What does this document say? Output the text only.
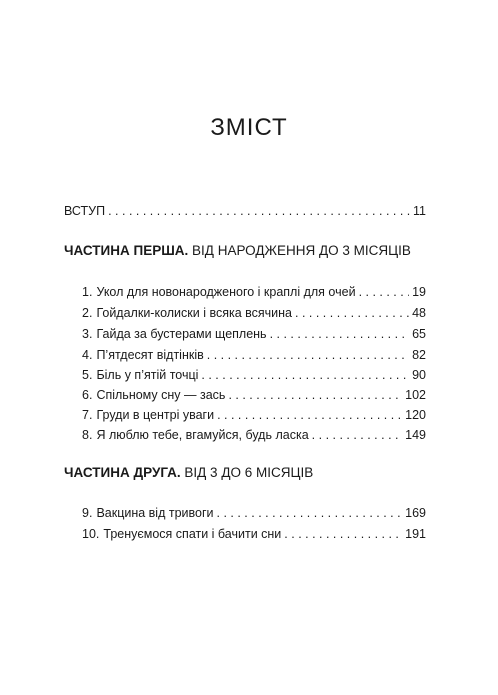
ЗМІСТ
ВСТУП . . .	11
ЧАСТИНА ПЕРША. ВІД НАРОДЖЕННЯ ДО 3 МІСЯЦІВ
1. Укол для новонародженого і краплі для очей . . .	19
2. Гойдалки-колиски і всяка всячина . . .	48
3. Гайда за бустерами щеплень . . .	65
4. П’ятдесят відтінків . . .	82
5. Біль у п’ятій точці . . .	90
6. Спільному сну — зась . . .	102
7. Груди в центрі уваги . . .	120
8. Я люблю тебе, вгамуйся, будь ласка . . .	149
ЧАСТИНА ДРУГА. ВІД 3 ДО 6 МІСЯЦІВ
9. Вакцина від тривоги . . .	169
10. Тренуємося спати і бачити сни . . .	191
